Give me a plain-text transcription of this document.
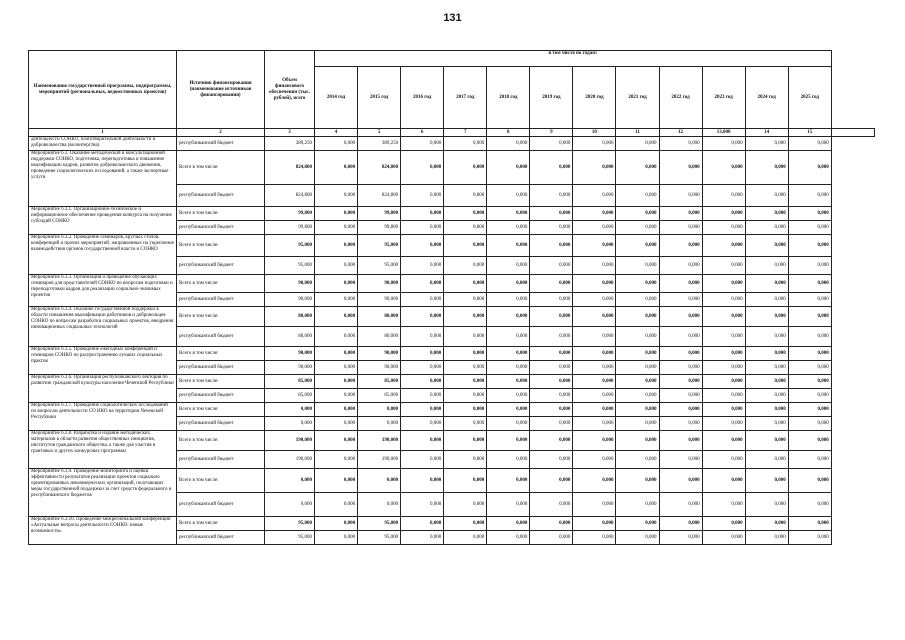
131
Наименование государственной программы, подпрограммы, мероприятий (региональных, ведомственных проектов)	Источник финансирования (наименование источников финансирования)	Объем финансового обеспечения (тыс. рублей), всего	в том числе по годам:												
			2014 год	2015 год	2016 год	2017 год	2018 год	2019 год	2020 год	2021 год	2022 год	2023 год	2024 год	2025 год	
1	2	3	4	5	6	7	8	9	10	11	12	13,000	14	15	
деятельности СОНКО, благотворительной деятельности и добровольчества (волонтерства)	республиканский бюджет	389,250	0,000	389,250	0,000	0,000	0,000	0,000	0,000	0,000	0,000	0,000	0,000	0,000	
Мероприятие 6.3. Оказание методической и консультационной поддержки СОНКО, подготовка, переподготовка и повышение квалификации кадров, развитие добровольческого движения, проведение социологических исследований, а также экспертные услуги	Всего в том числе:	824,800	0,000	824,800	0,000	0,000	0,000	0,000	0,000	0,000	0,000	0,000	0,000	0,000	
	республиканский бюджет	824,800	0,000	824,800	0,000	0,000	0,000	0,000	0,000	0,000	0,000	0,000	0,000	0,000	
Мероприятие 6.3.1. Организационно-техническое и информационное обеспечение проведения конкурса на получение субсидий СОНКО	Всего в том числе:	99,800	0,000	99,800	0,000	0,000	0,000	0,000	0,000	0,000	0,000	0,000	0,000	0,000	
	республиканский бюджет	99,800	0,000	99,800	0,000	0,000	0,000	0,000	0,000	0,000	0,000	0,000	0,000	0,000	
Мероприятие 6.3.2. Проведение семинаров, круглых столов, конференций и прочих мероприятий, направленных на укрепление взаимодействия органов государственной власти и СОНКО	Всего в том числе:	95,000	0,000	95,000	0,000	0,000	0,000	0,000	0,000	0,000	0,000	0,000	0,000	0,000	
	республиканский бюджет	95,000	0,000	95,000	0,000	0,000	0,000	0,000	0,000	0,000	0,000	0,000	0,000	0,000	
Мероприятие 6.3.3. Организация и проведение обучающих семинаров для представителей СОНКО по вопросам подготовки и переподготовки кадров для реализации социально-значимых проектов	Всего в том числе:	90,000	0,000	90,000	0,000	0,000	0,000	0,000	0,000	0,000	0,000	0,000	0,000	0,000	
	республиканский бюджет	90,000	0,000	90,000	0,000	0,000	0,000	0,000	0,000	0,000	0,000	0,000	0,000	0,000	
Мероприятие 6.3.4. Оказание государственной поддержки в области повышения квалификации работников и добровольцев СОНКО по вопросам разработки социальных проектов, внедрения инновационных социальных технологий	Всего в том числе:	80,000	0,000	80,000	0,000	0,000	0,000	0,000	0,000	0,000	0,000	0,000	0,000	0,000	
	республиканский бюджет	80,000	0,000	80,000	0,000	0,000	0,000	0,000	0,000	0,000	0,000	0,000	0,000	0,000	
Мероприятие 6.3.5. Проведение ежегодных конференций и семинаров СОНКО по распространению лучших социальных практик	Всего в том числе:	90,000	0,000	90,000	0,000	0,000	0,000	0,000	0,000	0,000	0,000	0,000	0,000	0,000	
	республиканский бюджет	90,000	0,000	90,000	0,000	0,000	0,000	0,000	0,000	0,000	0,000	0,000	0,000	0,000	
Мероприятие 6.3.6. Организация республиканского лектория по развитию гражданской культуры населения Чеченской Республики	Всего в том числе:	85,000	0,000	85,000	0,000	0,000	0,000	0,000	0,000	0,000	0,000	0,000	0,000	0,000	
	республиканский бюджет	85,000	0,000	85,000	0,000	0,000	0,000	0,000	0,000	0,000	0,000	0,000	0,000	0,000	
Мероприятие 6.3.7. Проведение социологических исследований по вопросам деятельности СО НКО на территории Чеченской Республики	Всего в том числе:	0,000	0,000	0,000	0,000	0,000	0,000	0,000	0,000	0,000	0,000	0,000	0,000	0,000	
	республиканский бюджет	0,000	0,000	0,000	0,000	0,000	0,000	0,000	0,000	0,000	0,000	0,000	0,000	0,000	
Мероприятие 6.3.8. Разработка и издание методических материалов в области развития общественных инициатив, институтов гражданского общества, а также для участия в грантовых и других конкурсных программах	Всего в том числе:	190,000	0,000	190,000	0,000	0,000	0,000	0,000	0,000	0,000	0,000	0,000	0,000	0,000	
	республиканский бюджет	190,000	0,000	190,000	0,000	0,000	0,000	0,000	0,000	0,000	0,000	0,000	0,000	0,000	
Мероприятие 6.3.9. Проведение мониторинга и оценки эффективности результатов реализации проектов социально ориентированных некоммерческих организаций, получающих меры государственной поддержки за счет средств федерального и республиканского бюджетов	Всего в том числе:	0,000	0,000	0,000	0,000	0,000	0,000	0,000	0,000	0,000	0,000	0,000	0,000	0,000	
	республиканский бюджет	0,000	0,000	0,000	0,000	0,000	0,000	0,000	0,000	0,000	0,000	0,000	0,000	0,000	
Мероприятие 6.3.10. Проведение межрегиональной конференции «Актуальные вопросы деятельности СОНКО: новые возможности»	Всего в том числе:	95,000	0,000	95,000	0,000	0,000	0,000	0,000	0,000	0,000	0,000	0,000	0,000	0,000	
	республиканский бюджет	95,000	0,000	95,000	0,000	0,000	0,000	0,000	0,000	0,000	0,000	0,000	0,000	0,000	
